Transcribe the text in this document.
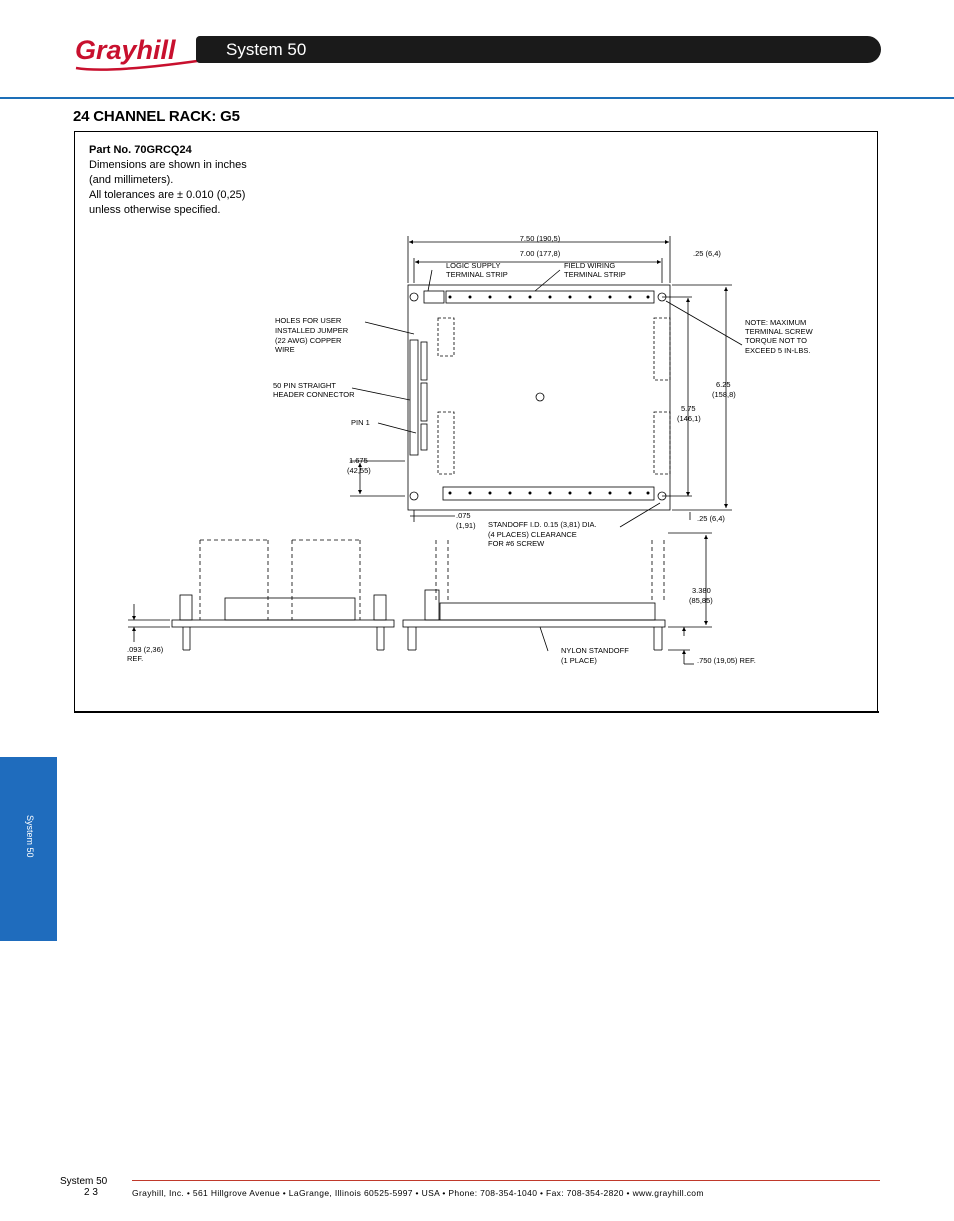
Grayhill	System 50
24 CHANNEL RACK: G5
Part No. 70GRCQ24
Dimensions are shown in inches
(and millimeters).
All tolerances are ± 0.010 (0,25)
unless otherwise specified.
7.50 (190,5)
7.00 (177,8)	.25 (6,4)
LOGIC SUPPLY
TERMINAL STRIP
FIELD WIRING
TERMINAL STRIP
HOLES FOR USER
INSTALLED JUMPER
(22 AWG) COPPER
WIRE
50 PIN STRAIGHT
HEADER CONNECTOR
PIN 1
1.675
(42,55)
NOTE: MAXIMUM
TERMINAL SCREW
TORQUE NOT TO
EXCEED 5 IN-LBS.
6.25
(158,8)
5.75
(146,1)
.25 (6,4)
.075
(1,91) STANDOFF I.D. 0.15 (3,81) DIA.
(4 PLACES) CLEARANCE
FOR #6 SCREW
3.380
(85,85)
.093 (2,36)
REF.
NYLON STANDOFF
(1 PLACE)	.750 (19,05) REF.
System 50
System 50
2 3	Grayhill, Inc. • 561 Hillgrove Avenue • LaGrange, Illinois 60525-5997 • USA • Phone: 708-354-1040 • Fax: 708-354-2820 • www.grayhill.com
